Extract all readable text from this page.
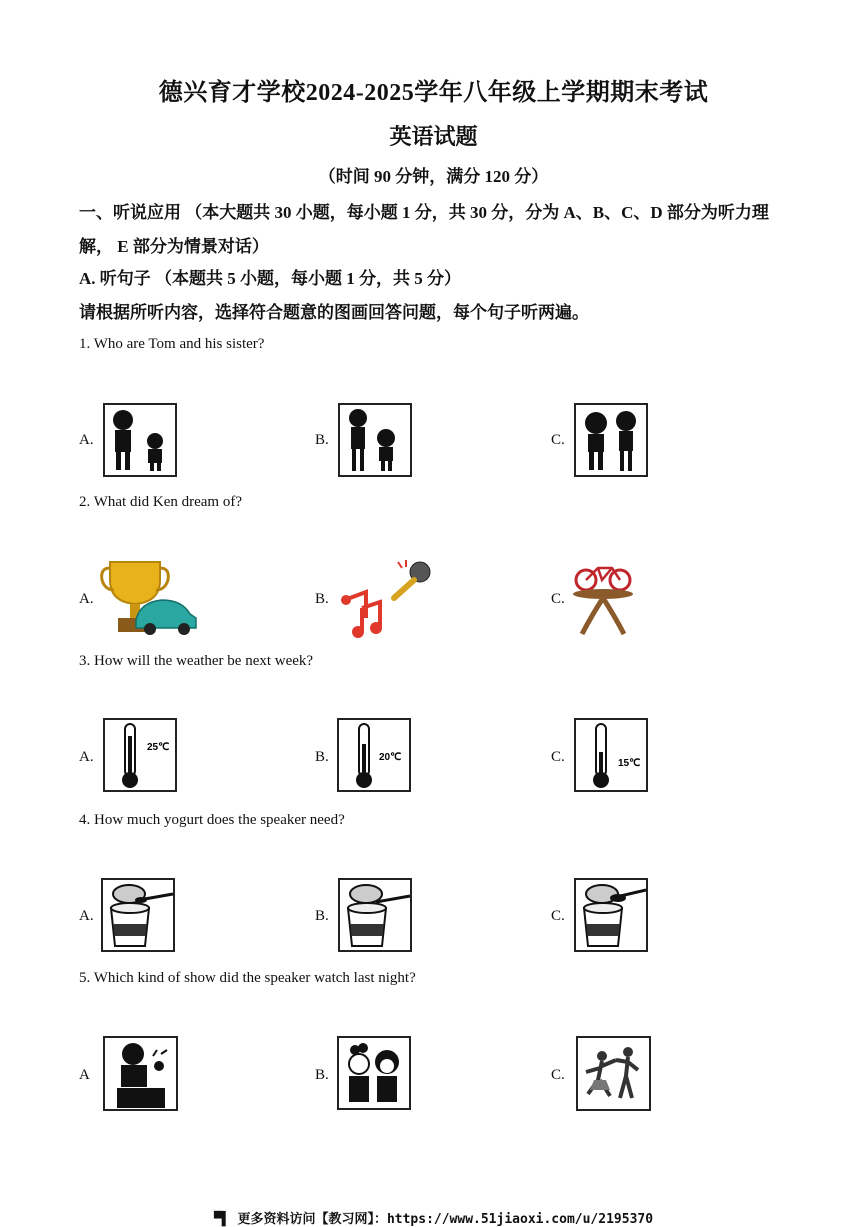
德兴育才学校2024-2025学年八年级上学期期末考试
英语试题
（时间 90 分钟，满分 120 分）
一、听说应用 （本大题共 30 小题，每小题 1 分，共 30 分，分为 A、B、C、D 部分为听力理解， E 部分为情景对话）
A. 听句子 （本题共 5 小题，每小题 1 分，共 5 分）
请根据所听内容，选择符合题意的图画回答问题，每个句子听两遍。
1. Who are Tom and his sister?
A.	B.	C.
2. What did Ken dream of?
A.	B.	C.
3. How will the weather be next week?
A.	B.	C.
25℃
20℃
15℃
4. How much yogurt does the speaker need?
A.	B.	C.
5. Which kind of show did the speaker watch last night?
A	B.	C.
▀▌ 更多资料访问【教习网】：https://www.51jiaoxi.com/u/2195370
